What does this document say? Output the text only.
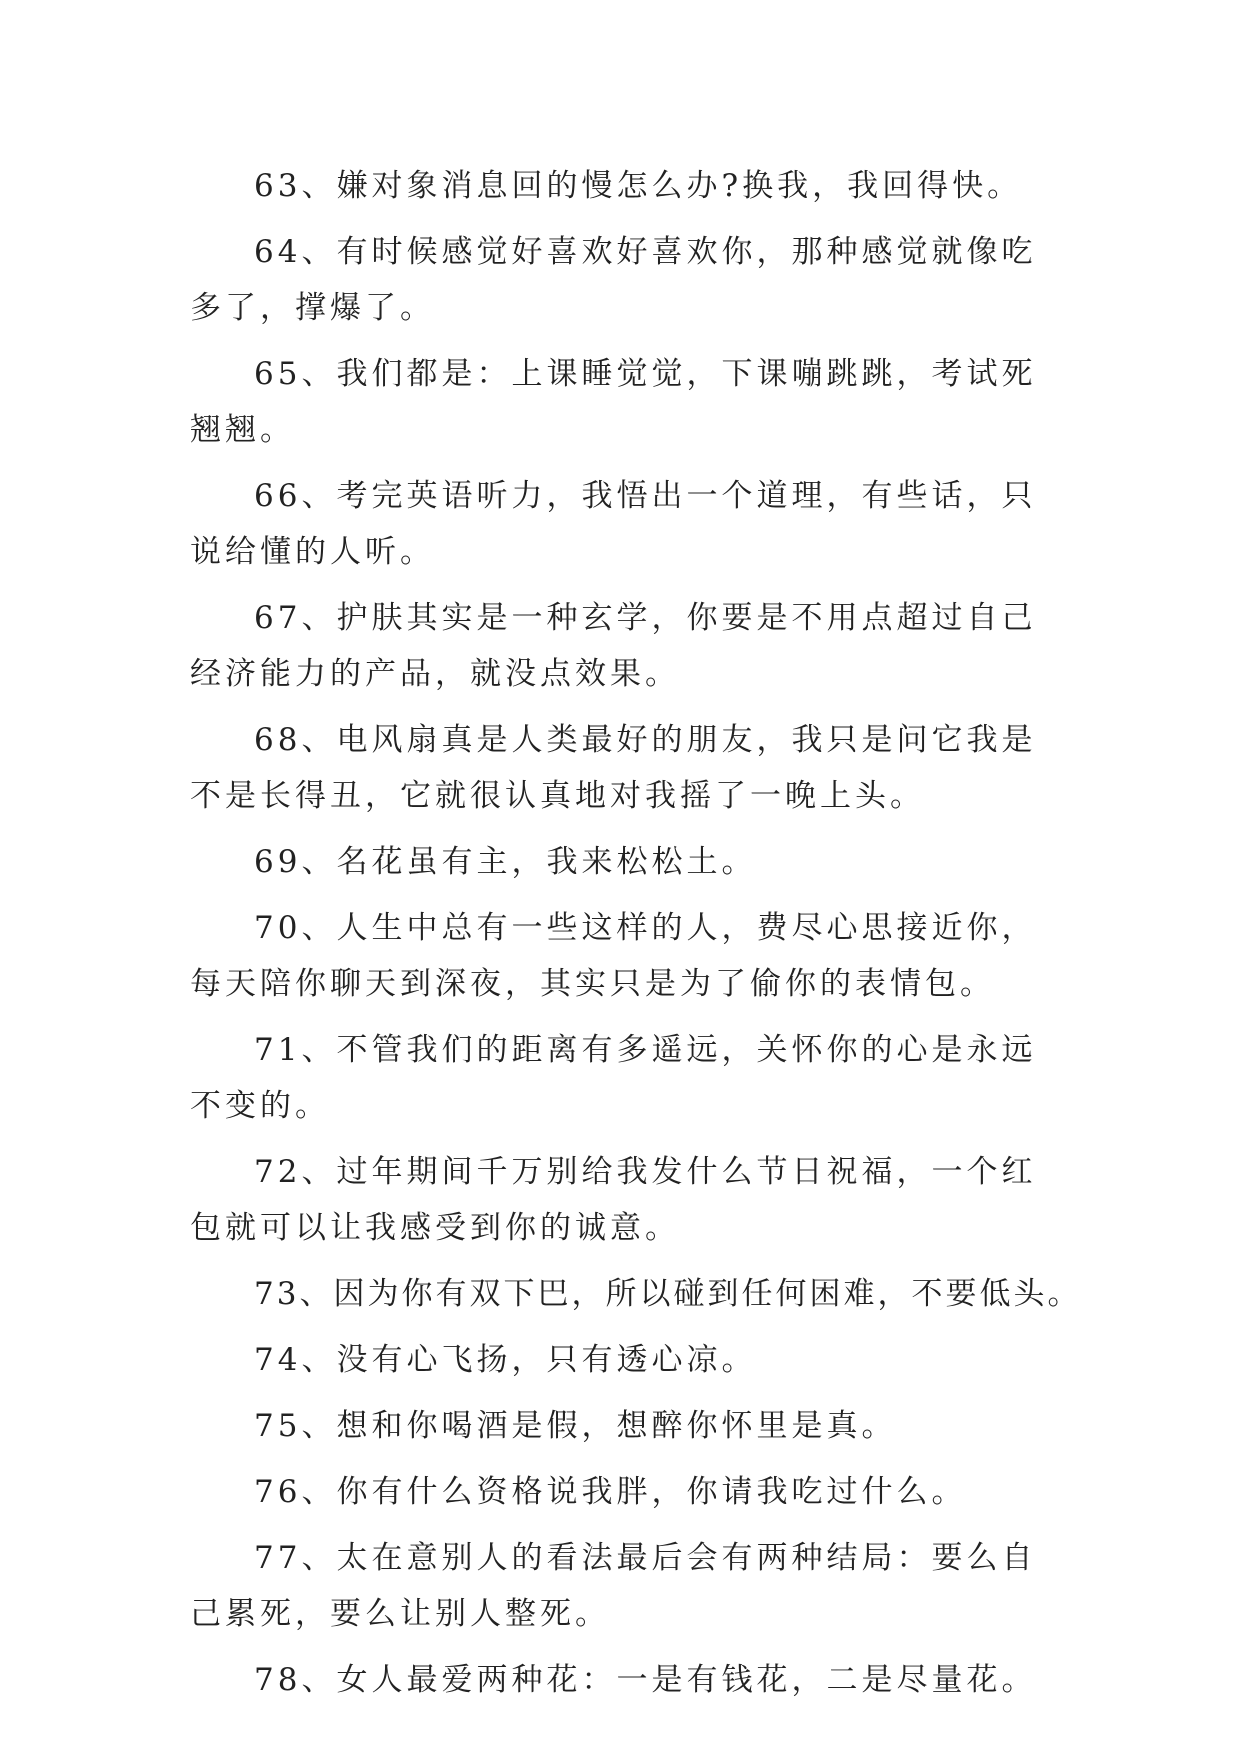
63、嫌对象消息回的慢怎么办?换我，我回得快。

64、有时候感觉好喜欢好喜欢你，那种感觉就像吃多了，撑爆了。

65、我们都是：上课睡觉觉，下课嘣跳跳，考试死翘翘。

66、考完英语听力，我悟出一个道理，有些话，只说给懂的人听。

67、护肤其实是一种玄学，你要是不用点超过自己经济能力的产品，就没点效果。

68、电风扇真是人类最好的朋友，我只是问它我是不是长得丑，它就很认真地对我摇了一晚上头。

69、名花虽有主，我来松松土。

70、人生中总有一些这样的人，费尽心思接近你，每天陪你聊天到深夜，其实只是为了偷你的表情包。

71、不管我们的距离有多遥远，关怀你的心是永远不变的。

72、过年期间千万别给我发什么节日祝福，一个红包就可以让我感受到你的诚意。

73、因为你有双下巴，所以碰到任何困难，不要低头。

74、没有心飞扬，只有透心凉。

75、想和你喝酒是假，想醉你怀里是真。

76、你有什么资格说我胖，你请我吃过什么。

77、太在意别人的看法最后会有两种结局：要么自己累死，要么让别人整死。

78、女人最爱两种花：一是有钱花，二是尽量花。
